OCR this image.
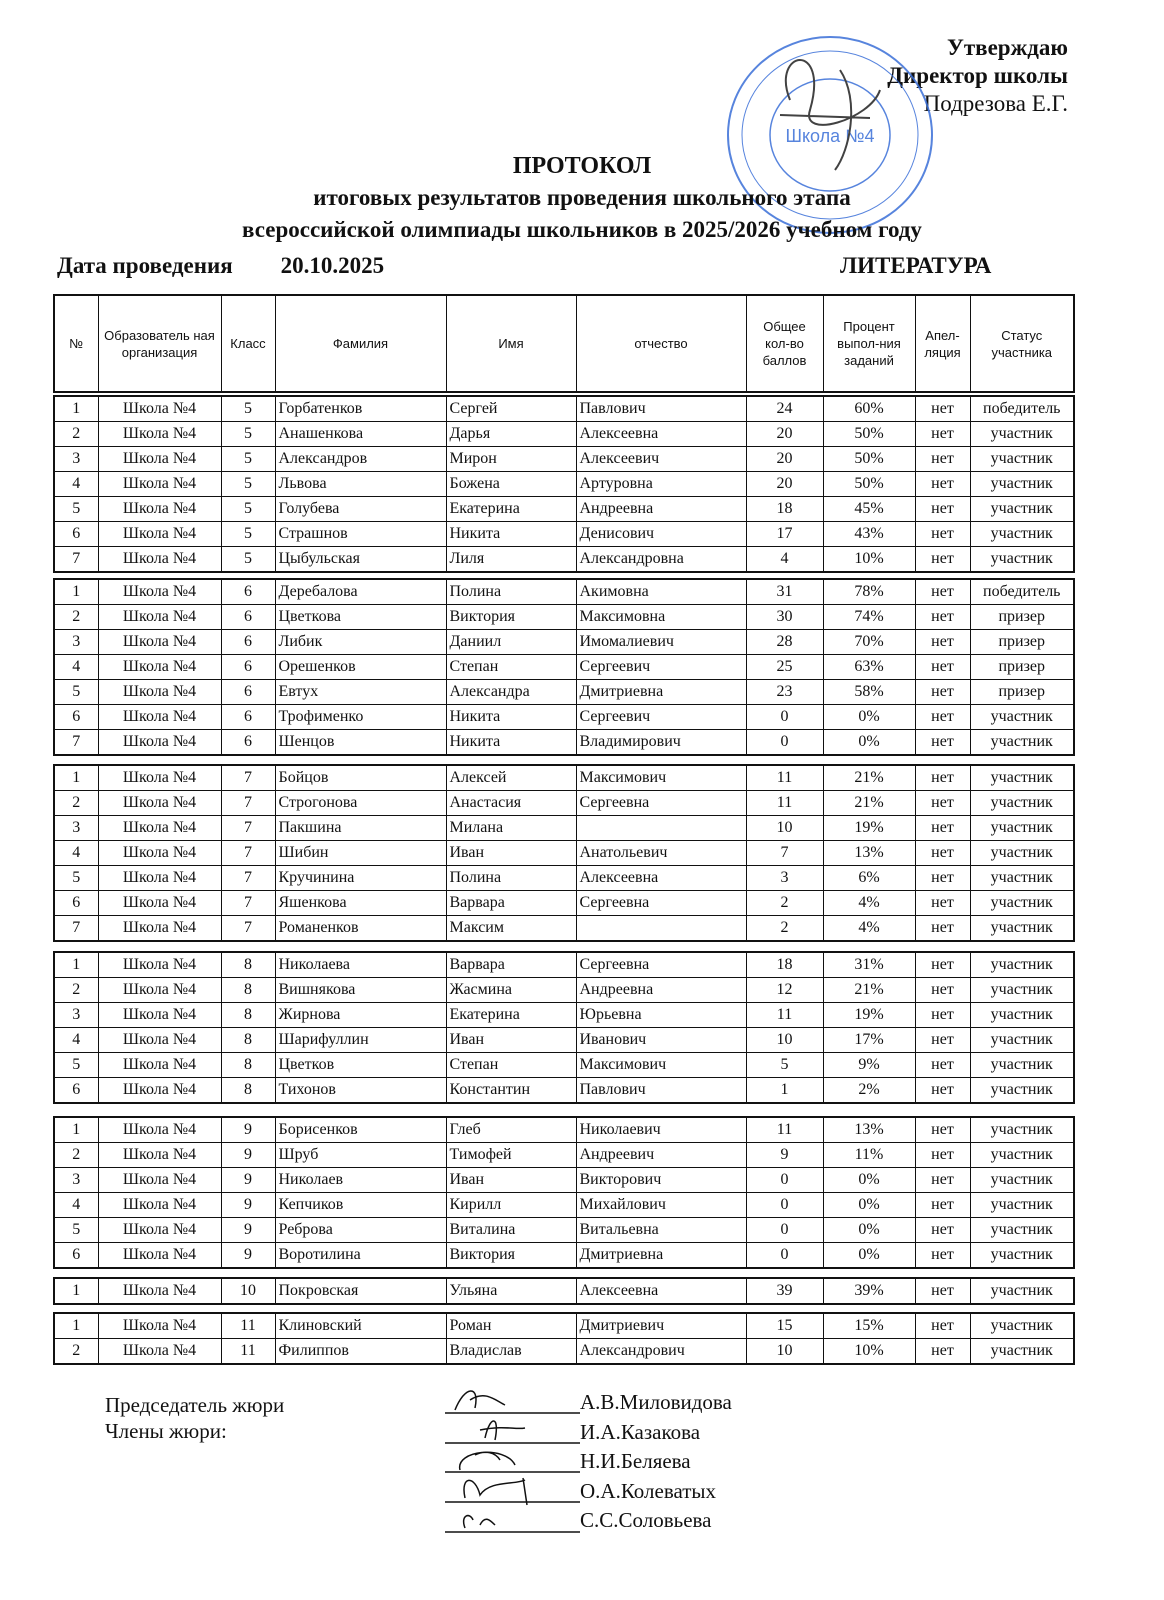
Утверждаю
Директор школы
Подрезова Е.Г.
Школа №4
ПРОТОКОЛ
итоговых результатов проведения школьного этапа
всероссийской олимпиады школьников в 2025/2026 учебном году
Дата проведения 20.10.2025	ЛИТЕРАТУРА
№	Образователь ная организация	Класс	Фамилия	Имя	отчество	Общее кол-во баллов	Процент выпол-ния заданий	Апел-ляция	Статус участника
1	Школа №4	5	Горбатенков	Сергей	Павлович	24	60%	нет	победитель
2	Школа №4	5	Анашенкова	Дарья	Алексеевна	20	50%	нет	участник
3	Школа №4	5	Александров	Мирон	Алексеевич	20	50%	нет	участник
4	Школа №4	5	Львова	Божена	Артуровна	20	50%	нет	участник
5	Школа №4	5	Голубева	Екатерина	Андреевна	18	45%	нет	участник
6	Школа №4	5	Страшнов	Никита	Денисович	17	43%	нет	участник
7	Школа №4	5	Цыбульская	Лиля	Александровна	4	10%	нет	участник
1	Школа №4	6	Деребалова	Полина	Акимовна	31	78%	нет	победитель
2	Школа №4	6	Цветкова	Виктория	Максимовна	30	74%	нет	призер
3	Школа №4	6	Либик	Даниил	Имомалиевич	28	70%	нет	призер
4	Школа №4	6	Орешенков	Степан	Сергеевич	25	63%	нет	призер
5	Школа №4	6	Евтух	Александра	Дмитриевна	23	58%	нет	призер
6	Школа №4	6	Трофименко	Никита	Сергеевич	0	0%	нет	участник
7	Школа №4	6	Шенцов	Никита	Владимирович	0	0%	нет	участник
1	Школа №4	7	Бойцов	Алексей	Максимович	11	21%	нет	участник
2	Школа №4	7	Строгонова	Анастасия	Сергеевна	11	21%	нет	участник
3	Школа №4	7	Пакшина	Милана		10	19%	нет	участник
4	Школа №4	7	Шибин	Иван	Анатольевич	7	13%	нет	участник
5	Школа №4	7	Кручинина	Полина	Алексеевна	3	6%	нет	участник
6	Школа №4	7	Яшенкова	Варвара	Сергеевна	2	4%	нет	участник
7	Школа №4	7	Романенков	Максим		2	4%	нет	участник
1	Школа №4	8	Николаева	Варвара	Сергеевна	18	31%	нет	участник
2	Школа №4	8	Вишнякова	Жасмина	Андреевна	12	21%	нет	участник
3	Школа №4	8	Жирнова	Екатерина	Юрьевна	11	19%	нет	участник
4	Школа №4	8	Шарифуллин	Иван	Иванович	10	17%	нет	участник
5	Школа №4	8	Цветков	Степан	Максимович	5	9%	нет	участник
6	Школа №4	8	Тихонов	Константин	Павлович	1	2%	нет	участник
1	Школа №4	9	Борисенков	Глеб	Николаевич	11	13%	нет	участник
2	Школа №4	9	Шруб	Тимофей	Андреевич	9	11%	нет	участник
3	Школа №4	9	Николаев	Иван	Викторович	0	0%	нет	участник
4	Школа №4	9	Кепчиков	Кирилл	Михайлович	0	0%	нет	участник
5	Школа №4	9	Реброва	Виталина	Витальевна	0	0%	нет	участник
6	Школа №4	9	Воротилина	Виктория	Дмитриевна	0	0%	нет	участник
1	Школа №4	10	Покровская	Ульяна	Алексеевна	39	39%	нет	участник
1	Школа №4	11	Клиновский	Роман	Дмитриевич	15	15%	нет	участник
2	Школа №4	11	Филиппов	Владислав	Александрович	10	10%	нет	участник
Председатель жюри
Члены жюри:
А.В.Миловидова
И.А.Казакова
Н.И.Беляева
О.А.Колеватых
С.С.Соловьева
